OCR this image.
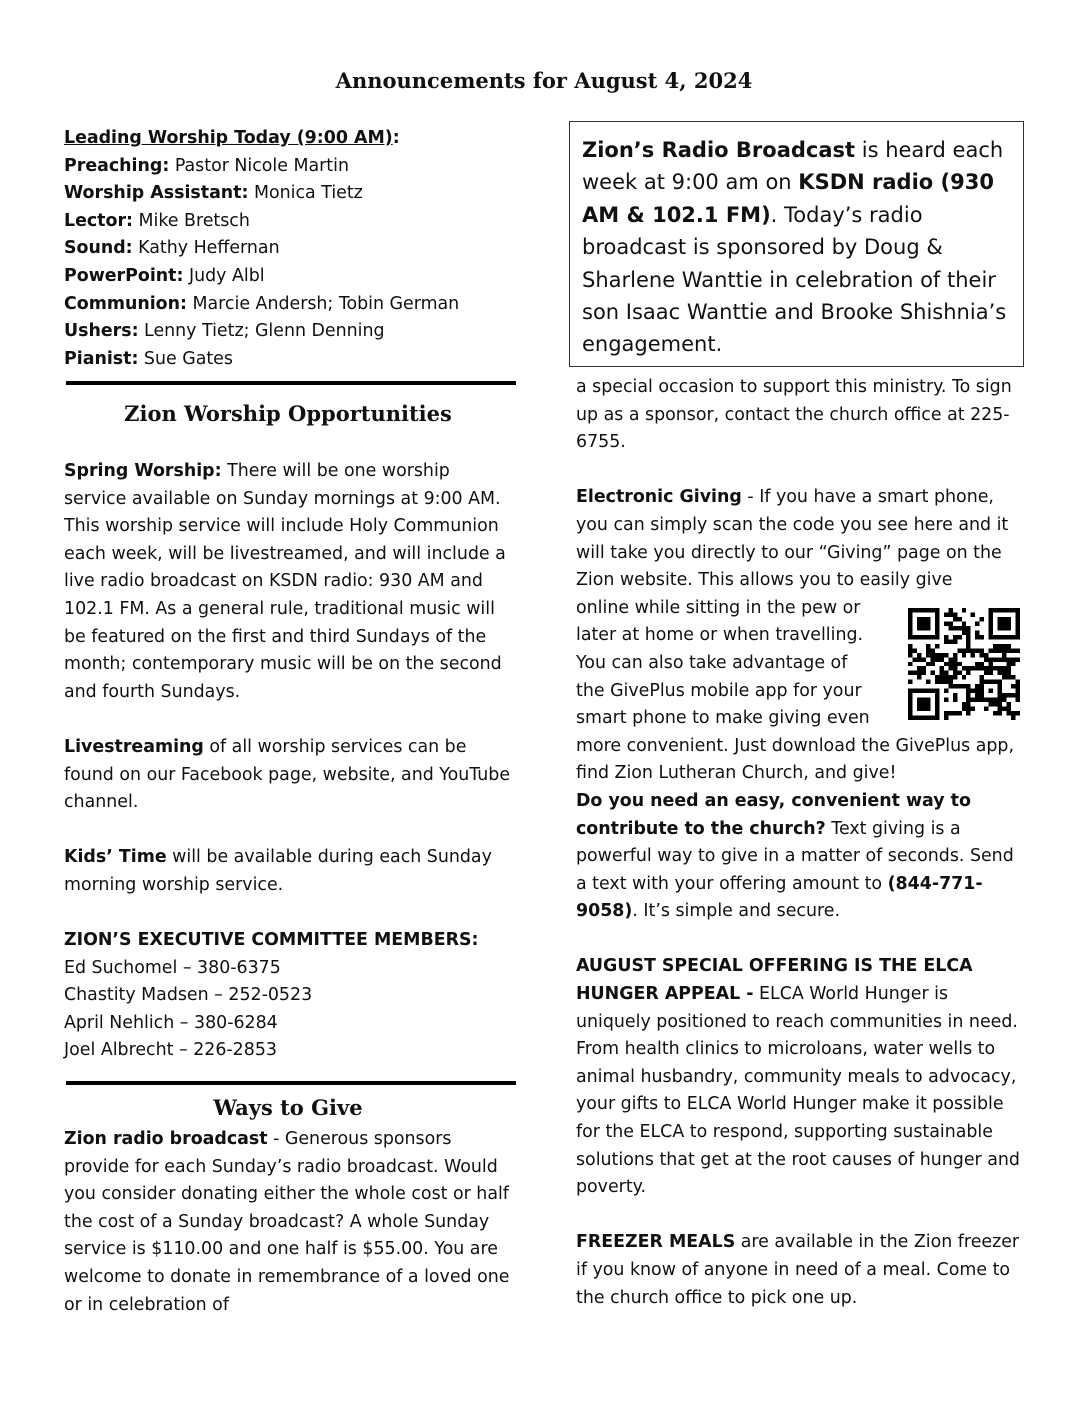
Announcements for August 4, 2024

Leading Worship Today (9:00 AM):

Preaching: Pastor Nicole Martin

Worship Assistant: Monica Tietz

Lector: Mike Bretsch

Sound: Kathy Heffernan

PowerPoint: Judy Albl

Communion: Marcie Andersh; Tobin German

Ushers: Lenny Tietz; Glenn Denning

Pianist: Sue Gates

Zion Worship Opportunities

Spring Worship: There will be one worship service available on Sunday mornings at 9:00 AM. This worship service will include Holy Communion each week, will be livestreamed, and will include a live radio broadcast on KSDN radio: 930 AM and 102.1 FM. As a general rule, traditional music will be featured on the first and third Sundays of the month; contemporary music will be on the second and fourth Sundays.

Livestreaming of all worship services can be found on our Facebook page, website, and YouTube channel.

Kids’ Time will be available during each Sunday morning worship service.

ZION’S EXECUTIVE COMMITTEE MEMBERS:

Ed Suchomel – 380-6375

Chastity Madsen – 252-0523

April Nehlich – 380-6284

Joel Albrecht – 226-2853

Ways to Give

Zion radio broadcast - Generous sponsors provide for each Sunday’s radio broadcast. Would you consider donating either the whole cost or half the cost of a Sunday broadcast? A whole Sunday service is $110.00 and one half is $55.00. You are welcome to donate in remembrance of a loved one or in celebration of

Zion’s Radio Broadcast is heard each week at 9:00 am on KSDN radio (930 AM & 102.1 FM). Today’s radio broadcast is sponsored by Doug & Sharlene Wanttie in celebration of their son Isaac Wanttie and Brooke Shishnia’s engagement.

a special occasion to support this ministry. To sign up as a sponsor, contact the church office at 225-6755.

Electronic Giving - If you have a smart phone, you can simply scan the code you see here and it will take you directly to our “Giving” page on the Zion website. This allows you to easily give

online while sitting in the pew or

later at home or when travelling.

You can also take advantage of

the GivePlus mobile app for your

smart phone to make giving even

more convenient. Just download the GivePlus app, find Zion Lutheran Church, and give!

Do you need an easy, convenient way to contribute to the church? Text giving is a powerful way to give in a matter of seconds. Send a text with your offering amount to (844-771-9058). It’s simple and secure.

AUGUST SPECIAL OFFERING IS THE ELCA HUNGER APPEAL - ELCA World Hunger is uniquely positioned to reach communities in need. From health clinics to microloans, water wells to animal husbandry, community meals to advocacy, your gifts to ELCA World Hunger make it possible for the ELCA to respond, supporting sustainable solutions that get at the root causes of hunger and poverty.

FREEZER MEALS are available in the Zion freezer if you know of anyone in need of a meal. Come to the church office to pick one up.
